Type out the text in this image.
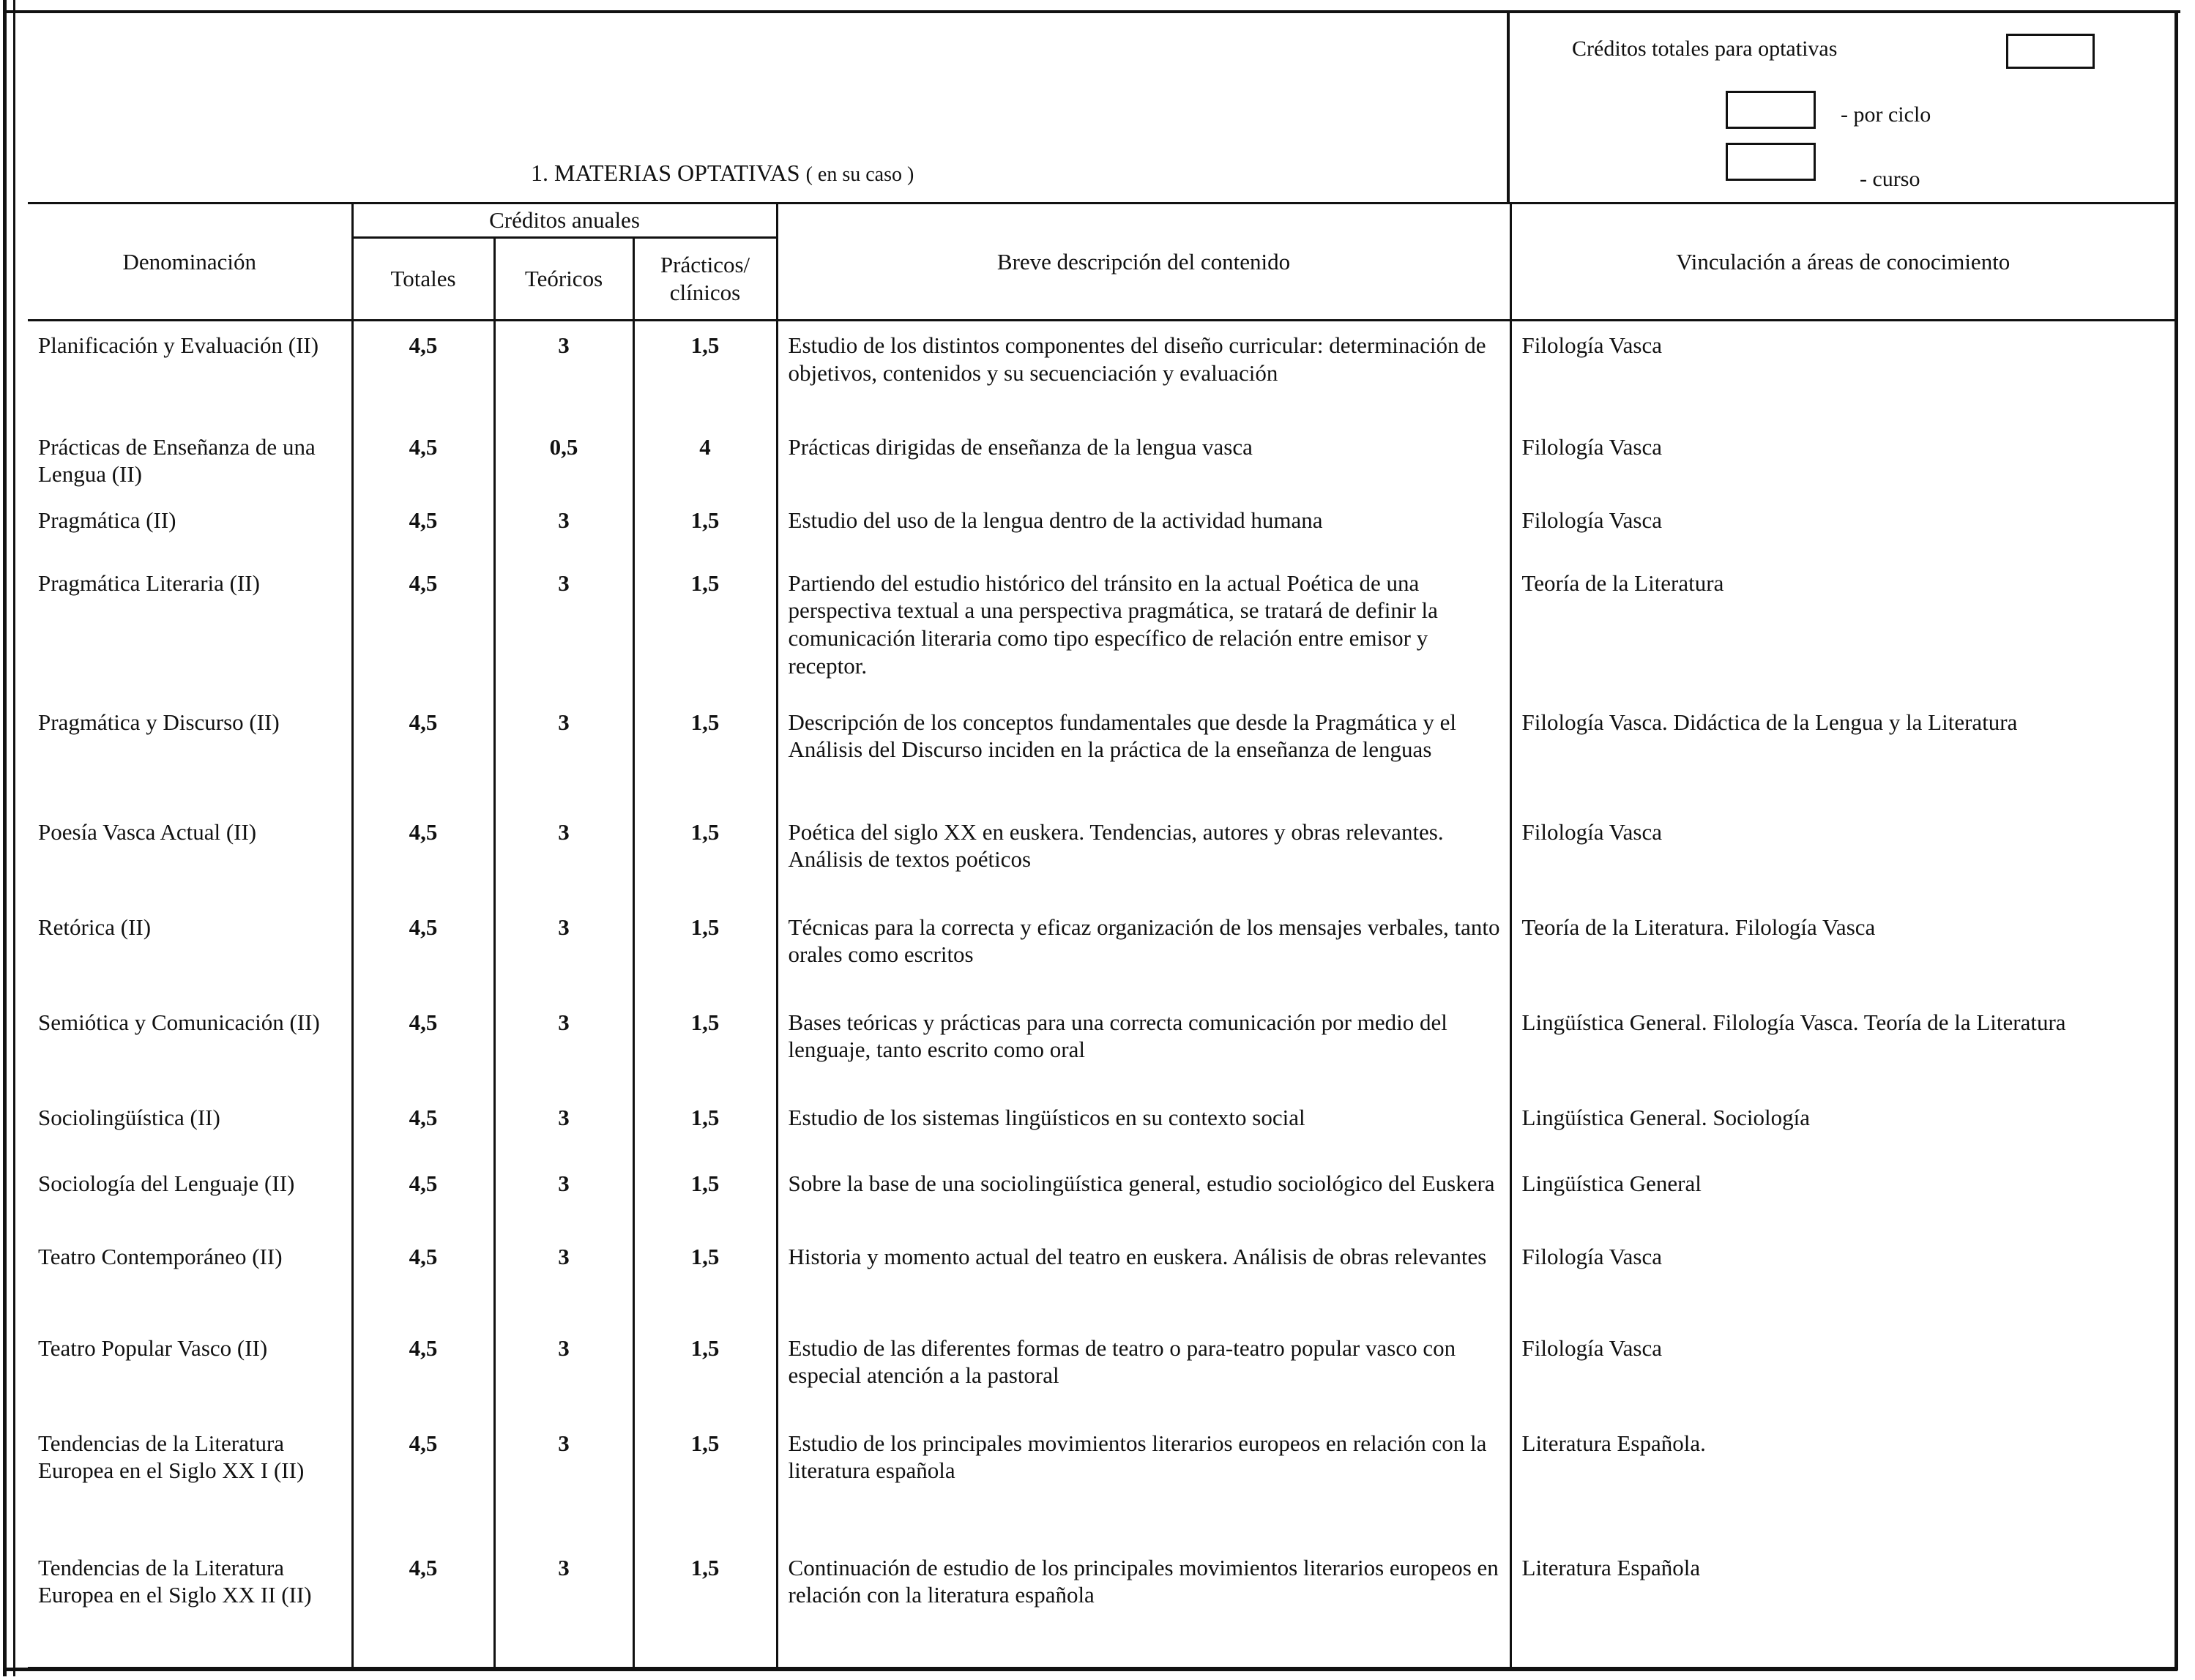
1. MATERIAS OPTATIVAS ( en su caso )
Créditos totales para optativas
- por ciclo
- curso
Denominación	Créditos anuales			Breve descripción del contenido	Vinculación a áreas de conocimiento
	Totales	Teóricos	Prácticos/ clínicos		
Planificación y Evaluación (II)	4,5	3	1,5	Estudio de los distintos componentes del diseño curricular: determinación de objetivos, contenidos y su secuenciación y evaluación	Filología Vasca
Prácticas de Enseñanza de una Lengua (II)	4,5	0,5	4	Prácticas dirigidas de enseñanza de la lengua vasca	Filología Vasca
Pragmática (II)	4,5	3	1,5	Estudio del uso de la lengua dentro de la actividad humana	Filología Vasca
Pragmática Literaria (II)	4,5	3	1,5	Partiendo del estudio histórico del tránsito en la actual Poética de una perspectiva textual a una perspectiva pragmática, se tratará de definir la comunicación literaria como tipo específico de relación entre emisor y receptor.	Teoría de la Literatura
Pragmática y Discurso (II)	4,5	3	1,5	Descripción de los conceptos fundamentales que desde la Pragmática y el Análisis del Discurso inciden en la práctica de la enseñanza de lenguas	Filología Vasca. Didáctica de la Lengua y la Literatura
Poesía Vasca Actual (II)	4,5	3	1,5	Poética del siglo XX en euskera. Tendencias, autores y obras relevantes. Análisis de textos poéticos	Filología Vasca
Retórica (II)	4,5	3	1,5	Técnicas para la correcta y eficaz organización de los mensajes verbales, tanto orales como escritos	Teoría de la Literatura. Filología Vasca
Semiótica y Comunicación (II)	4,5	3	1,5	Bases teóricas y prácticas para una correcta comunicación por medio del lenguaje, tanto escrito como oral	Lingüística General. Filología Vasca. Teoría de la Literatura
Sociolingüística (II)	4,5	3	1,5	Estudio de los sistemas lingüísticos en su contexto social	Lingüística General. Sociología
Sociología del Lenguaje (II)	4,5	3	1,5	Sobre la base de una sociolingüística general, estudio sociológico del Euskera	Lingüística General
Teatro Contemporáneo (II)	4,5	3	1,5	Historia y momento actual del teatro en euskera. Análisis de obras relevantes	Filología Vasca
Teatro Popular Vasco (II)	4,5	3	1,5	Estudio de las diferentes formas de teatro o para-teatro popular vasco con especial atención a la pastoral	Filología Vasca
Tendencias de la Literatura Europea en el Siglo XX I (II)	4,5	3	1,5	Estudio de los principales movimientos literarios europeos en relación con la literatura española	Literatura Española.
Tendencias de la Literatura Europea en el Siglo XX II (II)	4,5	3	1,5	Continuación de estudio de los principales movimientos literarios europeos en relación con la literatura española	Literatura Española
